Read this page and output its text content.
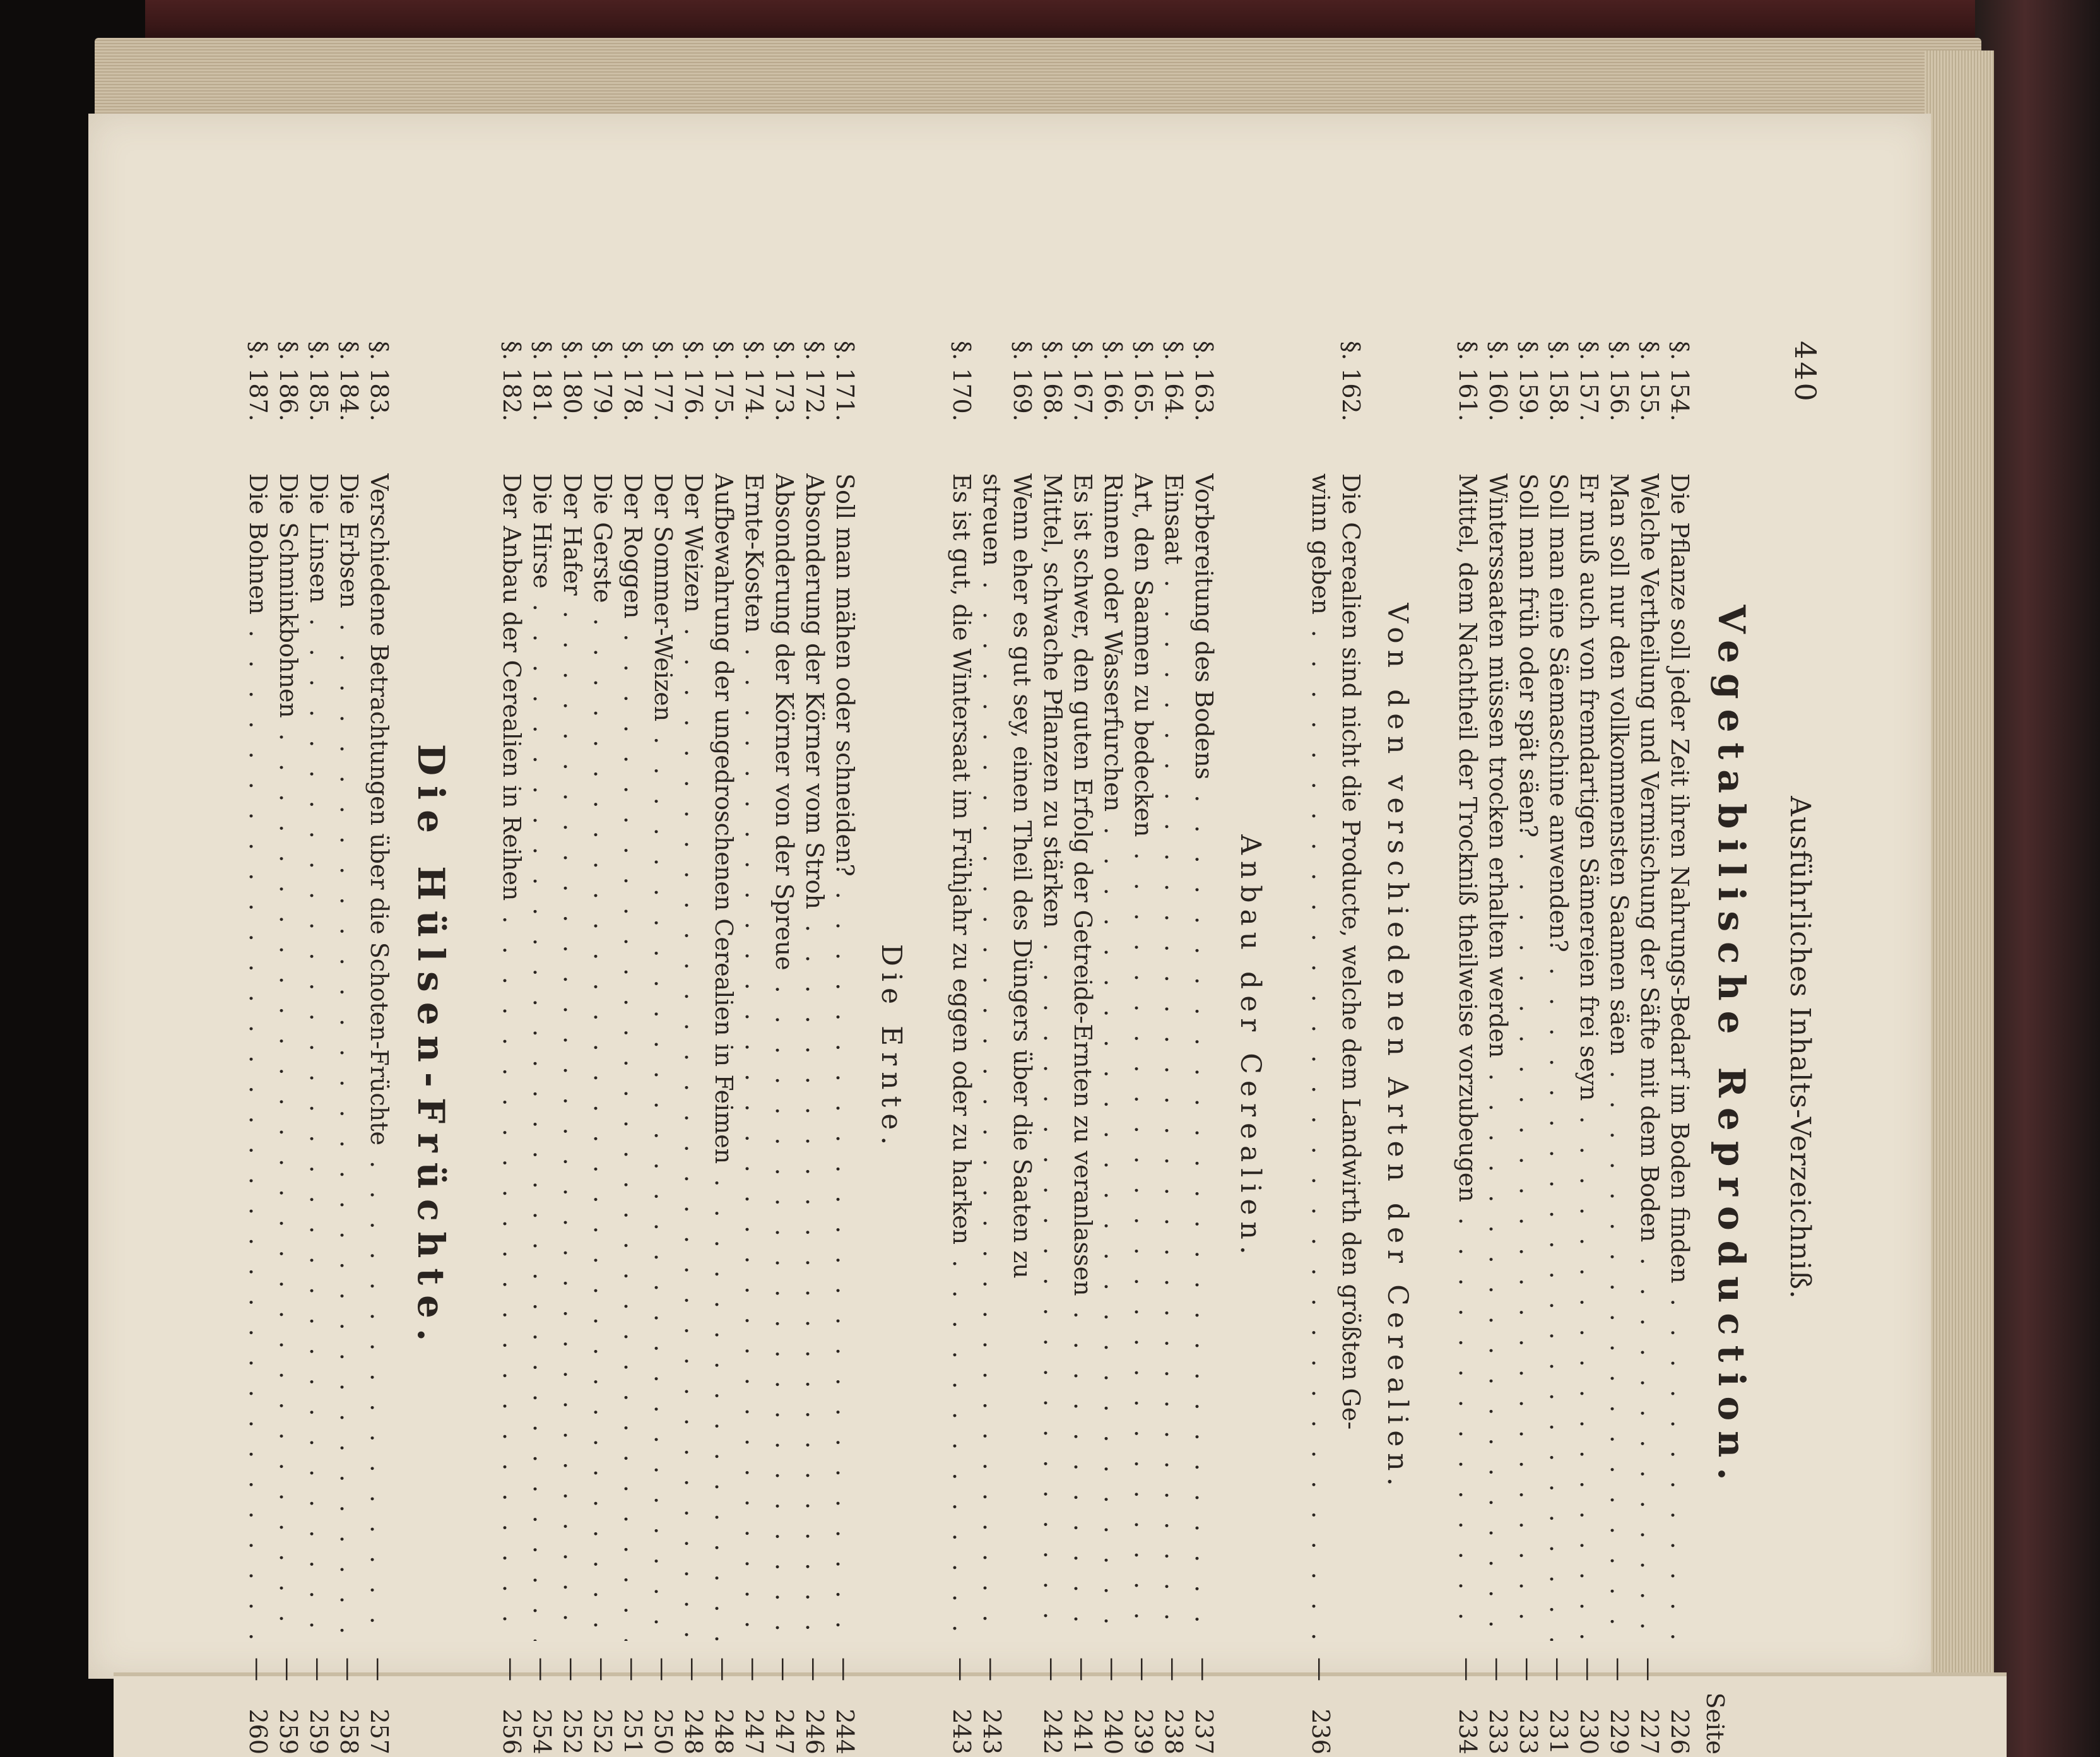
440
Ausführliches Inhalts-Verzeichniß.
Vegetabilische Reproduction.
Seite
§. 154.
Die Pflanze soll jeder Zeit ihren Nahrungs-Bedarf im Boden finden . . .
226
§. 155.
Welche Vertheilung und Vermischung der Säfte mit dem Boden . . .
—
227
§. 156.
Man soll nur den vollkommensten Saamen säen . . .
—
229
§. 157.
Er muß auch von fremdartigen Sämereien frei seyn . . .
—
230
§. 158.
Soll man eine Säemaschine anwenden? . . .
—
231
§. 159.
Soll man früh oder spät säen? . . .
—
233
§. 160.
Winterssaaten müssen trocken erhalten werden . . .
—
233
§. 161.
Mittel, dem Nachtheil der Trockniß theilweise vorzubeugen . . .
—
234
Von den verschiedenen Arten der Cerealien.
§. 162.
Die Cerealien sind nicht die Producte, welche dem Landwirth den größten Ge-
winn geben . . .
—
236
Anbau der Cerealien.
§. 163.
Vorbereitung des Bodens . . .
—
237
§. 164.
Einsaat . . .
—
238
§. 165.
Art, den Saamen zu bedecken . . .
—
239
§. 166.
Rinnen oder Wasserfurchen . . .
—
240
§. 167.
Es ist schwer, den guten Erfolg der Getreide-Ernten zu veranlassen . . .
—
241
§. 168.
Mittel, schwache Pflanzen zu stärken . . .
—
242
§. 169.
Wenn eher es gut sey, einen Theil des Düngers über die Saaten zu
streuen . . .
—
243
§. 170.
Es ist gut, die Wintersaat im Frühjahr zu eggen oder zu harken . . .
—
243
Die Ernte.
§. 171.
Soll man mähen oder schneiden? . . .
—
244
§. 172.
Absonderung der Körner vom Stroh . . .
—
246
§. 173.
Absonderung der Körner von der Spreue . . .
—
247
§. 174.
Ernte-Kosten . . .
—
247
§. 175.
Aufbewahrung der ungedroschenen Cerealien in Feimen . . .
—
248
§. 176.
Der Weizen . . .
—
248
§. 177.
Der Sommer-Weizen . . .
—
250
§. 178.
Der Roggen . . .
—
251
§. 179.
Die Gerste . . .
—
252
§. 180.
Der Hafer . . .
—
252
§. 181.
Die Hirse . . .
—
254
§. 182.
Der Anbau der Cerealien in Reihen . . .
—
256
Die Hülsen-Früchte.
§. 183.
Verschiedene Betrachtungen über die Schoten-Früchte . . .
—
257
§. 184.
Die Erbsen . . .
—
258
§. 185.
Die Linsen . . .
—
259
§. 186.
Die Schminkbohnen . . .
—
259
§. 187.
Die Bohnen . . .
—
260
